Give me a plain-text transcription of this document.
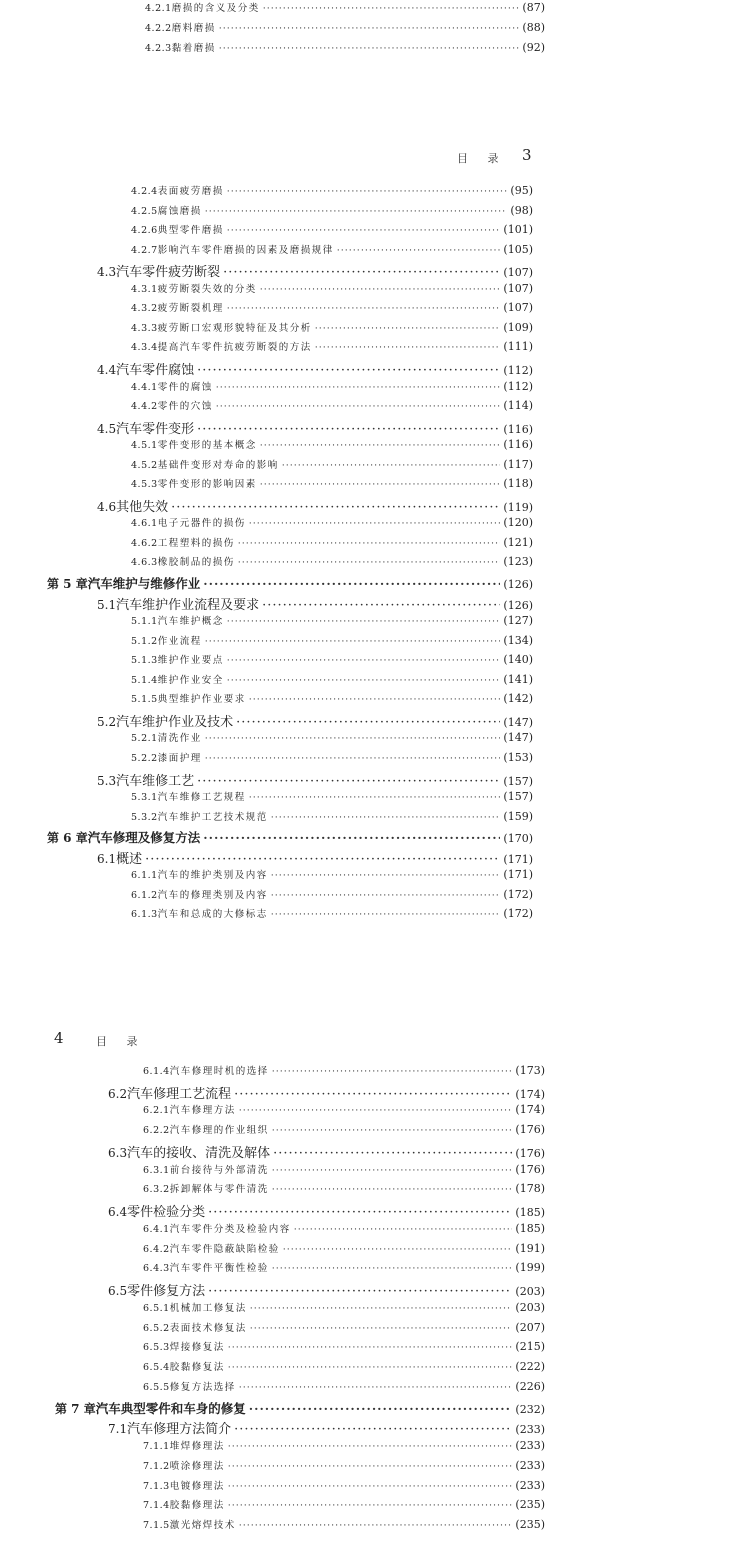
4.2.1 磨损的含义及分类 ·····	(87)
4.2.2 磨料磨损 ·····	(88)
4.2.3 黏着磨损 ·····	(92)
目 录 3
4.2.4 表面疲劳磨损 ·····	(95)
4.2.5 腐蚀磨损 ·····	(98)
4.2.6 典型零件磨损 ·····	(101)
4.2.7 影响汽车零件磨损的因素及磨损规律 ·····	(105)
4.3 汽车零件疲劳断裂 ·····	(107)
4.3.1 疲劳断裂失效的分类 ·····	(107)
4.3.2 疲劳断裂机理 ·····	(107)
4.3.3 疲劳断口宏观形貌特征及其分析 ·····	(109)
4.3.4 提高汽车零件抗疲劳断裂的方法 ·····	(111)
4.4 汽车零件腐蚀 ·····	(112)
4.4.1 零件的腐蚀 ·····	(112)
4.4.2 零件的穴蚀 ·····	(114)
4.5 汽车零件变形 ·····	(116)
4.5.1 零件变形的基本概念 ·····	(116)
4.5.2 基础件变形对寿命的影响 ·····	(117)
4.5.3 零件变形的影响因素 ·····	(118)
4.6 其他失效 ·····	(119)
4.6.1 电子元器件的损伤 ·····	(120)
4.6.2 工程塑料的损伤 ·····	(121)
4.6.3 橡胶制品的损伤 ·····	(123)
第 5 章 汽车维护与维修作业 ·····	(126)
5.1 汽车维护作业流程及要求 ·····	(126)
5.1.1 汽车维护概念 ·····	(127)
5.1.2 作业流程 ·····	(134)
5.1.3 维护作业要点 ·····	(140)
5.1.4 维护作业安全 ·····	(141)
5.1.5 典型维护作业要求 ·····	(142)
5.2 汽车维护作业及技术 ·····	(147)
5.2.1 清洗作业 ·····	(147)
5.2.2 漆面护理 ·····	(153)
5.3 汽车维修工艺 ·····	(157)
5.3.1 汽车维修工艺规程 ·····	(157)
5.3.2 汽车维护工艺技术规范 ·····	(159)
第 6 章 汽车修理及修复方法 ·····	(170)
6.1 概述 ·····	(171)
6.1.1 汽车的维护类别及内容 ·····	(171)
6.1.2 汽车的修理类别及内容 ·····	(172)
6.1.3 汽车和总成的大修标志 ·····	(172)
4	目 录
6.1.4 汽车修理时机的选择 ·····	(173)
6.2 汽车修理工艺流程 ·····	(174)
6.2.1 汽车修理方法 ·····	(174)
6.2.2 汽车修理的作业组织 ·····	(176)
6.3 汽车的接收、清洗及解体 ·····	(176)
6.3.1 前台接待与外部清洗 ·····	(176)
6.3.2 拆卸解体与零件清洗 ·····	(178)
6.4 零件检验分类 ·····	(185)
6.4.1 汽车零件分类及检验内容 ·····	(185)
6.4.2 汽车零件隐蔽缺陷检验 ·····	(191)
6.4.3 汽车零件平衡性检验 ·····	(199)
6.5 零件修复方法 ·····	(203)
6.5.1 机械加工修复法 ·····	(203)
6.5.2 表面技术修复法 ·····	(207)
6.5.3 焊接修复法 ·····	(215)
6.5.4 胶黏修复法 ·····	(222)
6.5.5 修复方法选择 ·····	(226)
第 7 章 汽车典型零件和车身的修复 ·····	(232)
7.1 汽车修理方法简介 ·····	(233)
7.1.1 堆焊修理法 ·····	(233)
7.1.2 喷涂修理法 ·····	(233)
7.1.3 电镀修理法 ·····	(233)
7.1.4 胶黏修理法 ·····	(235)
7.1.5 激光熔焊技术 ·····	(235)
